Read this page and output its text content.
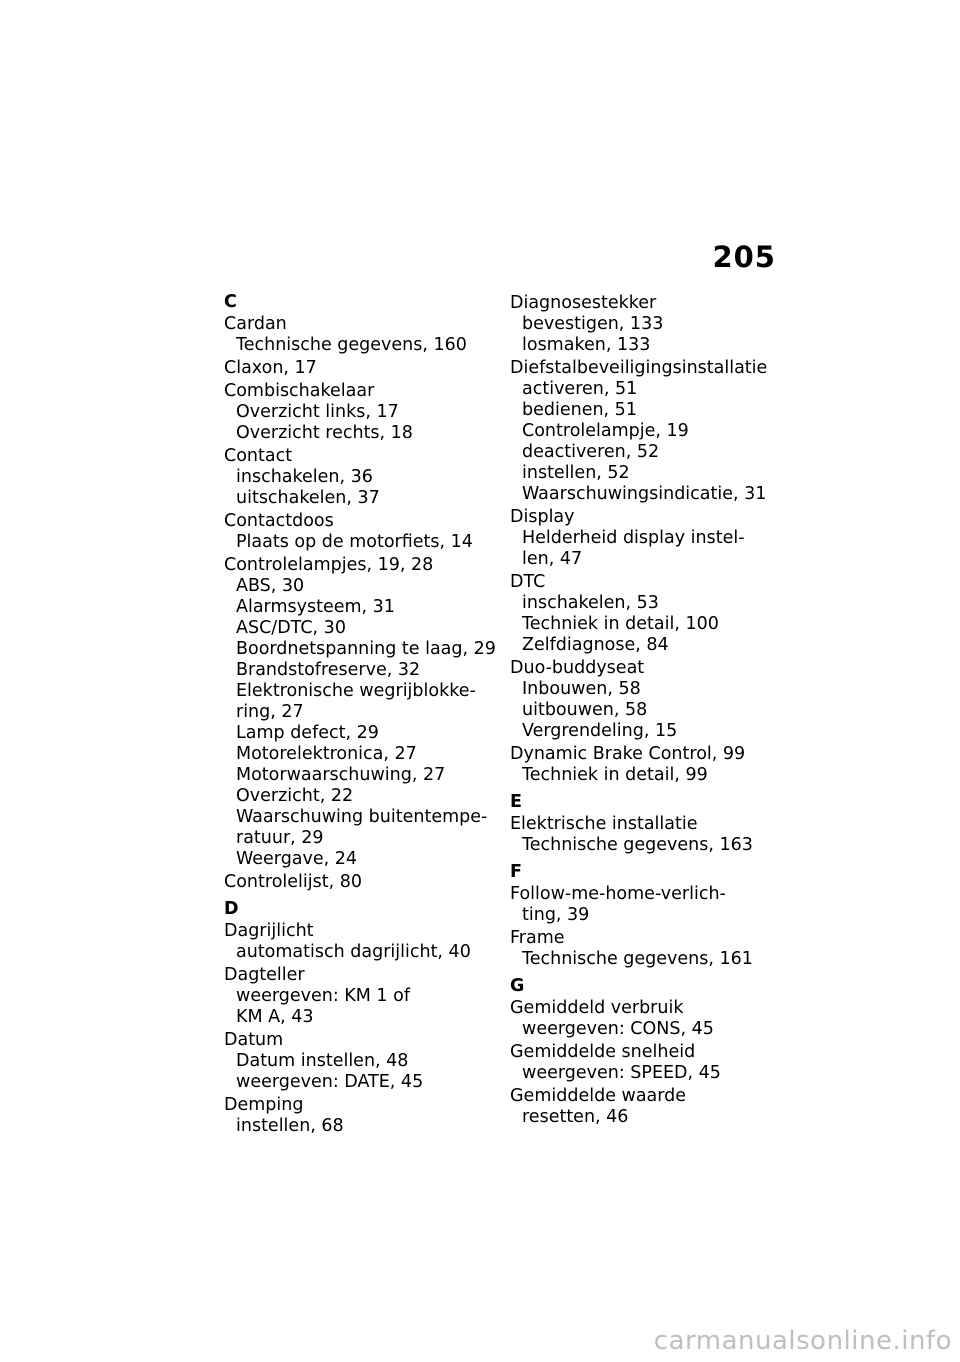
205
C
Cardan
Technische gegevens, 160
Claxon, 17
Combischakelaar
Overzicht links, 17
Overzicht rechts, 18
Contact
inschakelen, 36
uitschakelen, 37
Contactdoos
Plaats op de motorfiets, 14
Controlelampjes, 19, 28
ABS, 30
Alarmsysteem, 31
ASC/DTC, 30
Boordnetspanning te laag, 29
Brandstofreserve, 32
Elektronische wegrijblokke-
ring, 27
Lamp defect, 29
Motorelektronica, 27
Motorwaarschuwing, 27
Overzicht, 22
Waarschuwing buitentempe-
ratuur, 29
Weergave, 24
Controlelijst, 80
D
Dagrijlicht
automatisch dagrijlicht, 40
Dagteller
weergeven: KM 1 of
KM A, 43
Datum
Datum instellen, 48
weergeven: DATE, 45
Demping
instellen, 68
Diagnosestekker
bevestigen, 133
losmaken, 133
Diefstalbeveiligingsinstallatie
activeren, 51
bedienen, 51
Controlelampje, 19
deactiveren, 52
instellen, 52
Waarschuwingsindicatie, 31
Display
Helderheid display instel-
len, 47
DTC
inschakelen, 53
Techniek in detail, 100
Zelfdiagnose, 84
Duo-buddyseat
Inbouwen, 58
uitbouwen, 58
Vergrendeling, 15
Dynamic Brake Control, 99
Techniek in detail, 99
E
Elektrische installatie
Technische gegevens, 163
F
Follow-me-home-verlich-
ting, 39
Frame
Technische gegevens, 161
G
Gemiddeld verbruik
weergeven: CONS, 45
Gemiddelde snelheid
weergeven: SPEED, 45
Gemiddelde waarde
resetten, 46
carmanualsonline.info
